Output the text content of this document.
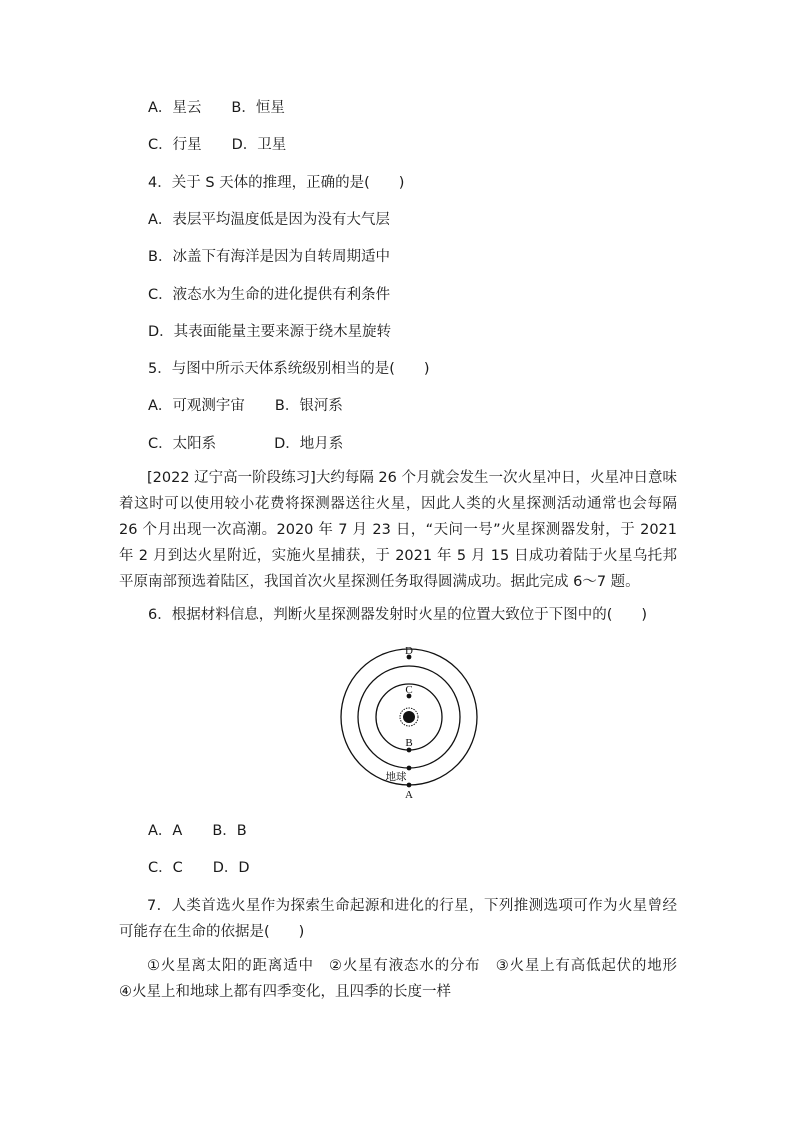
A．星云 B．恒星
C．行星 D．卫星
4．关于 S 天体的推理，正确的是(　　)
A．表层平均温度低是因为没有大气层
B．冰盖下有海洋是因为自转周期适中
C．液态水为生命的进化提供有利条件
D．其表面能量主要来源于绕木星旋转
5．与图中所示天体系统级别相当的是(　　)
A．可观测宇宙 B．银河系
C．太阳系	D．地月系
[2022 辽宁高一阶段练习]大约每隔 26 个月就会发生一次火星冲日，火星冲日意味着这时可以使用较小花费将探测器送往火星，因此人类的火星探测活动通常也会每隔 26 个月出现一次高潮。2020 年 7 月 23 日，“天问一号”火星探测器发射，于 2021 年 2 月到达火星附近，实施火星捕获，于 2021 年 5 月 15 日成功着陆于火星乌托邦平原南部预选着陆区，我国首次火星探测任务取得圆满成功。据此完成 6～7 题。
6．根据材料信息，判断火星探测器发射时火星的位置大致位于下图中的(　　)
D
C
B
地球
A
A．A B．B
C．C D．D
7．人类首选火星作为探索生命起源和进化的行星，下列推测选项可作为火星曾经可能存在生命的依据是(　　)
①火星离太阳的距离适中　②火星有液态水的分布　③火星上有高低起伏的地形　④火星上和地球上都有四季变化，且四季的长度一样
